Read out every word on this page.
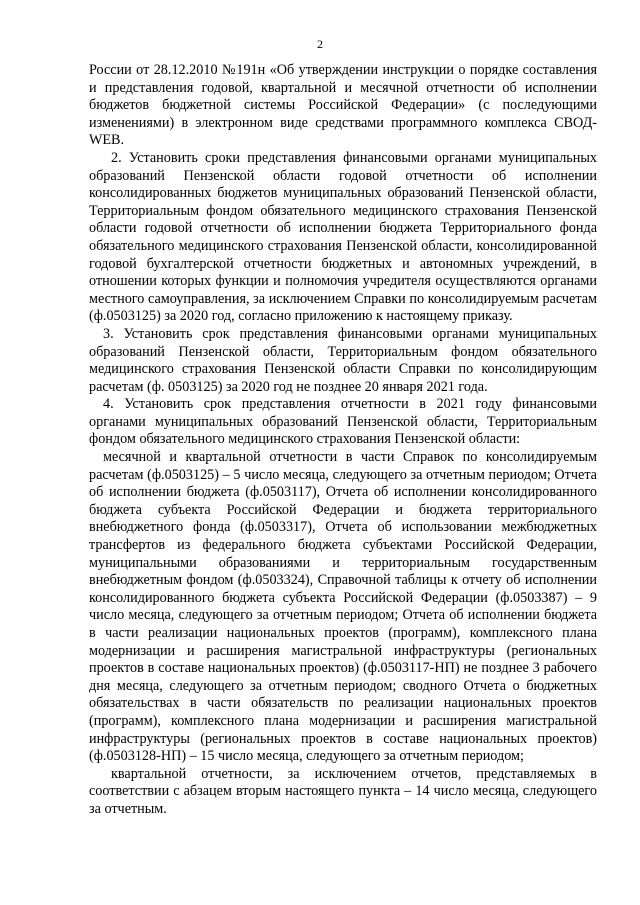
2

России от 28.12.2010 №191н «Об утверждении инструкции о порядке составления и представления годовой, квартальной и месячной отчетности об исполнении бюджетов бюджетной системы Российской Федерации» (с последующими изменениями) в электронном виде средствами программного комплекса СВОД-WEB.

2. Установить сроки представления финансовыми органами муниципальных образований Пензенской области годовой отчетности об исполнении консолидированных бюджетов муниципальных образований Пензенской области, Территориальным фондом обязательного медицинского страхования Пензенской области годовой отчетности об исполнении бюджета Территориального фонда обязательного медицинского страхования Пензенской области, консолидированной годовой бухгалтерской отчетности бюджетных и автономных учреждений, в отношении которых функции и полномочия учредителя осуществляются органами местного самоуправления, за исключением Справки по консолидируемым расчетам (ф.0503125) за 2020 год, согласно приложению к настоящему приказу.

3. Установить срок представления финансовыми органами муниципальных образований Пензенской области, Территориальным фондом обязательного медицинского страхования Пензенской области Справки по консолидирующим расчетам (ф. 0503125) за 2020 год не позднее 20 января 2021 года.

4. Установить срок представления отчетности в 2021 году финансовыми органами муниципальных образований Пензенской области, Территориальным фондом обязательного медицинского страхования Пензенской области:

месячной и квартальной отчетности в части Справок по консолидируемым расчетам (ф.0503125) – 5 число месяца, следующего за отчетным периодом; Отчета об исполнении бюджета (ф.0503117), Отчета об исполнении консолидированного бюджета субъекта Российской Федерации и бюджета территориального внебюджетного фонда (ф.0503317), Отчета об использовании межбюджетных трансфертов из федерального бюджета субъектами Российской Федерации, муниципальными образованиями и территориальным государственным внебюджетным фондом (ф.0503324), Справочной таблицы к отчету об исполнении консолидированного бюджета субъекта Российской Федерации (ф.0503387) – 9 число месяца, следующего за отчетным периодом; Отчета об исполнении бюджета в части реализации национальных проектов (программ), комплексного плана модернизации и расширения магистральной инфраструктуры (региональных проектов в составе национальных проектов) (ф.0503117-НП) не позднее 3 рабочего дня месяца, следующего за отчетным периодом; сводного Отчета о бюджетных обязательствах в части обязательств по реализации национальных проектов (программ), комплексного плана модернизации и расширения магистральной инфраструктуры (региональных проектов в составе национальных проектов) (ф.0503128-НП) – 15 число месяца, следующего за отчетным периодом;

квартальной отчетности, за исключением отчетов, представляемых в соответствии с абзацем вторым настоящего пункта – 14 число месяца, следующего за отчетным.
